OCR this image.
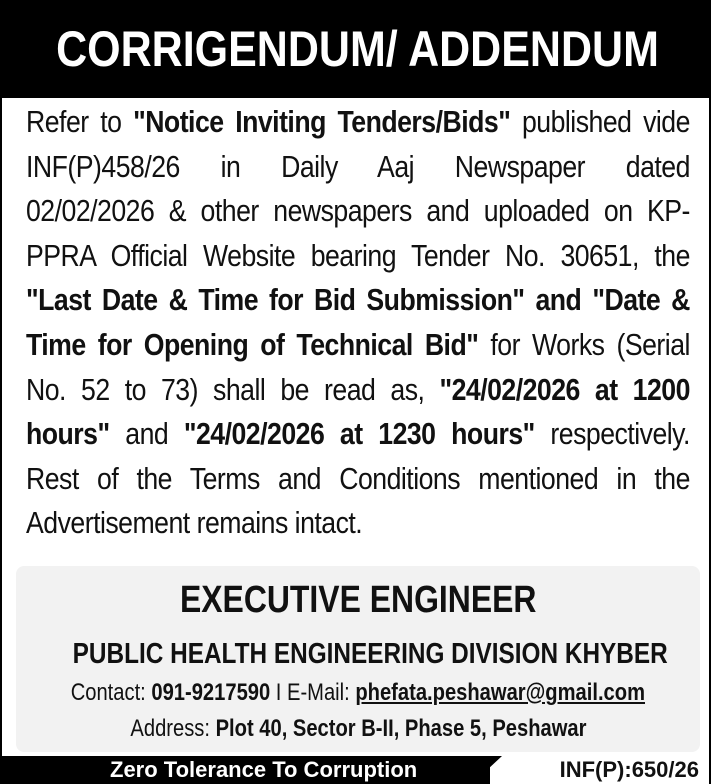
CORRIGENDUM/ ADDENDUM
Refer to "Notice Inviting Tenders/Bids" published vide
INF(P)458/26 in Daily Aaj Newspaper dated
02/02/2026 & other newspapers and uploaded on KP-
PPRA Official Website bearing Tender No. 30651, the
"Last Date & Time for Bid Submission" and "Date &
Time for Opening of Technical Bid" for Works (Serial
No. 52 to 73) shall be read as, "24/02/2026 at 1200
hours" and "24/02/2026 at 1230 hours" respectively.
Rest of the Terms and Conditions mentioned in the
Advertisement remains intact.
EXECUTIVE ENGINEER
PUBLIC HEALTH ENGINEERING DIVISION KHYBER
Contact: 091-9217590 I E-Mail: phefata.peshawar@gmail.com
Address: Plot 40, Sector B-II, Phase 5, Peshawar
Zero Tolerance To Corruption	INF(P):650/26
